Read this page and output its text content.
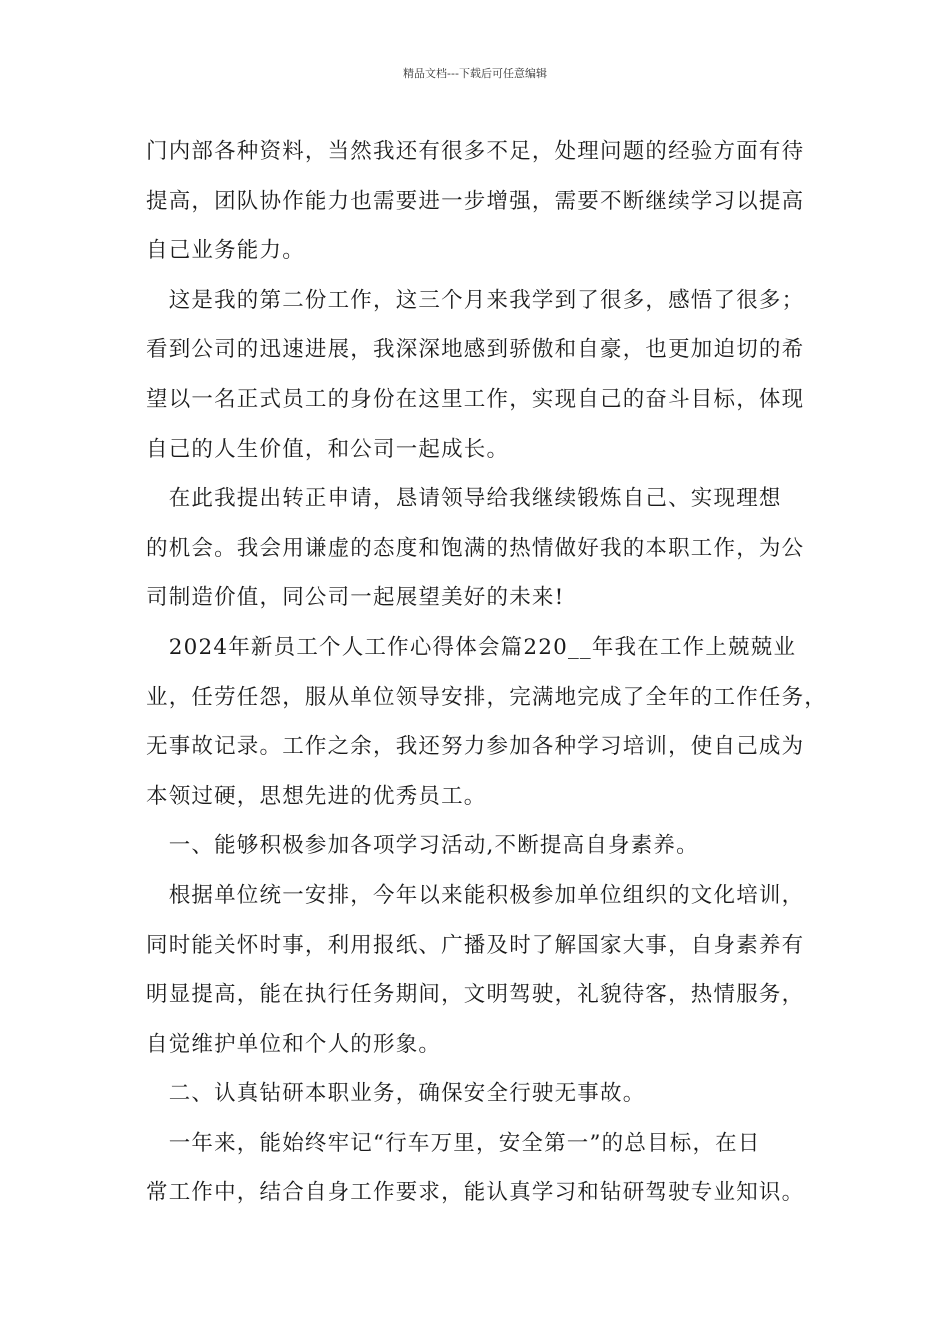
精品文档---下载后可任意编辑

门内部各种资料，当然我还有很多不足，处理问题的经验方面有待
提高，团队协作能力也需要进一步增强，需要不断继续学习以提高
自己业务能力。

　这是我的第二份工作，这三个月来我学到了很多，感悟了很多；
看到公司的迅速进展，我深深地感到骄傲和自豪，也更加迫切的希
望以一名正式员工的身份在这里工作，实现自己的奋斗目标，体现
自己的人生价值，和公司一起成长。

　在此我提出转正申请，恳请领导给我继续锻炼自己、实现理想
的机会。我会用谦虚的态度和饱满的热情做好我的本职工作，为公
司制造价值，同公司一起展望美好的未来!

　2024年新员工个人工作心得体会篇220__年我在工作上兢兢业
业，任劳任怨，服从单位领导安排，完满地完成了全年的工作任务，
无事故记录。工作之余，我还努力参加各种学习培训，使自己成为
本领过硬，思想先进的优秀员工。

　一、能够积极参加各项学习活动,不断提高自身素养。

　根据单位统一安排，今年以来能积极参加单位组织的文化培训，
同时能关怀时事，利用报纸、广播及时了解国家大事，自身素养有
明显提高，能在执行任务期间，文明驾驶，礼貌待客，热情服务，
自觉维护单位和个人的形象。

　二、认真钻研本职业务，确保安全行驶无事故。

　一年来，能始终牢记“行车万里，安全第一”的总目标，在日
常工作中，结合自身工作要求，能认真学习和钻研驾驶专业知识。
